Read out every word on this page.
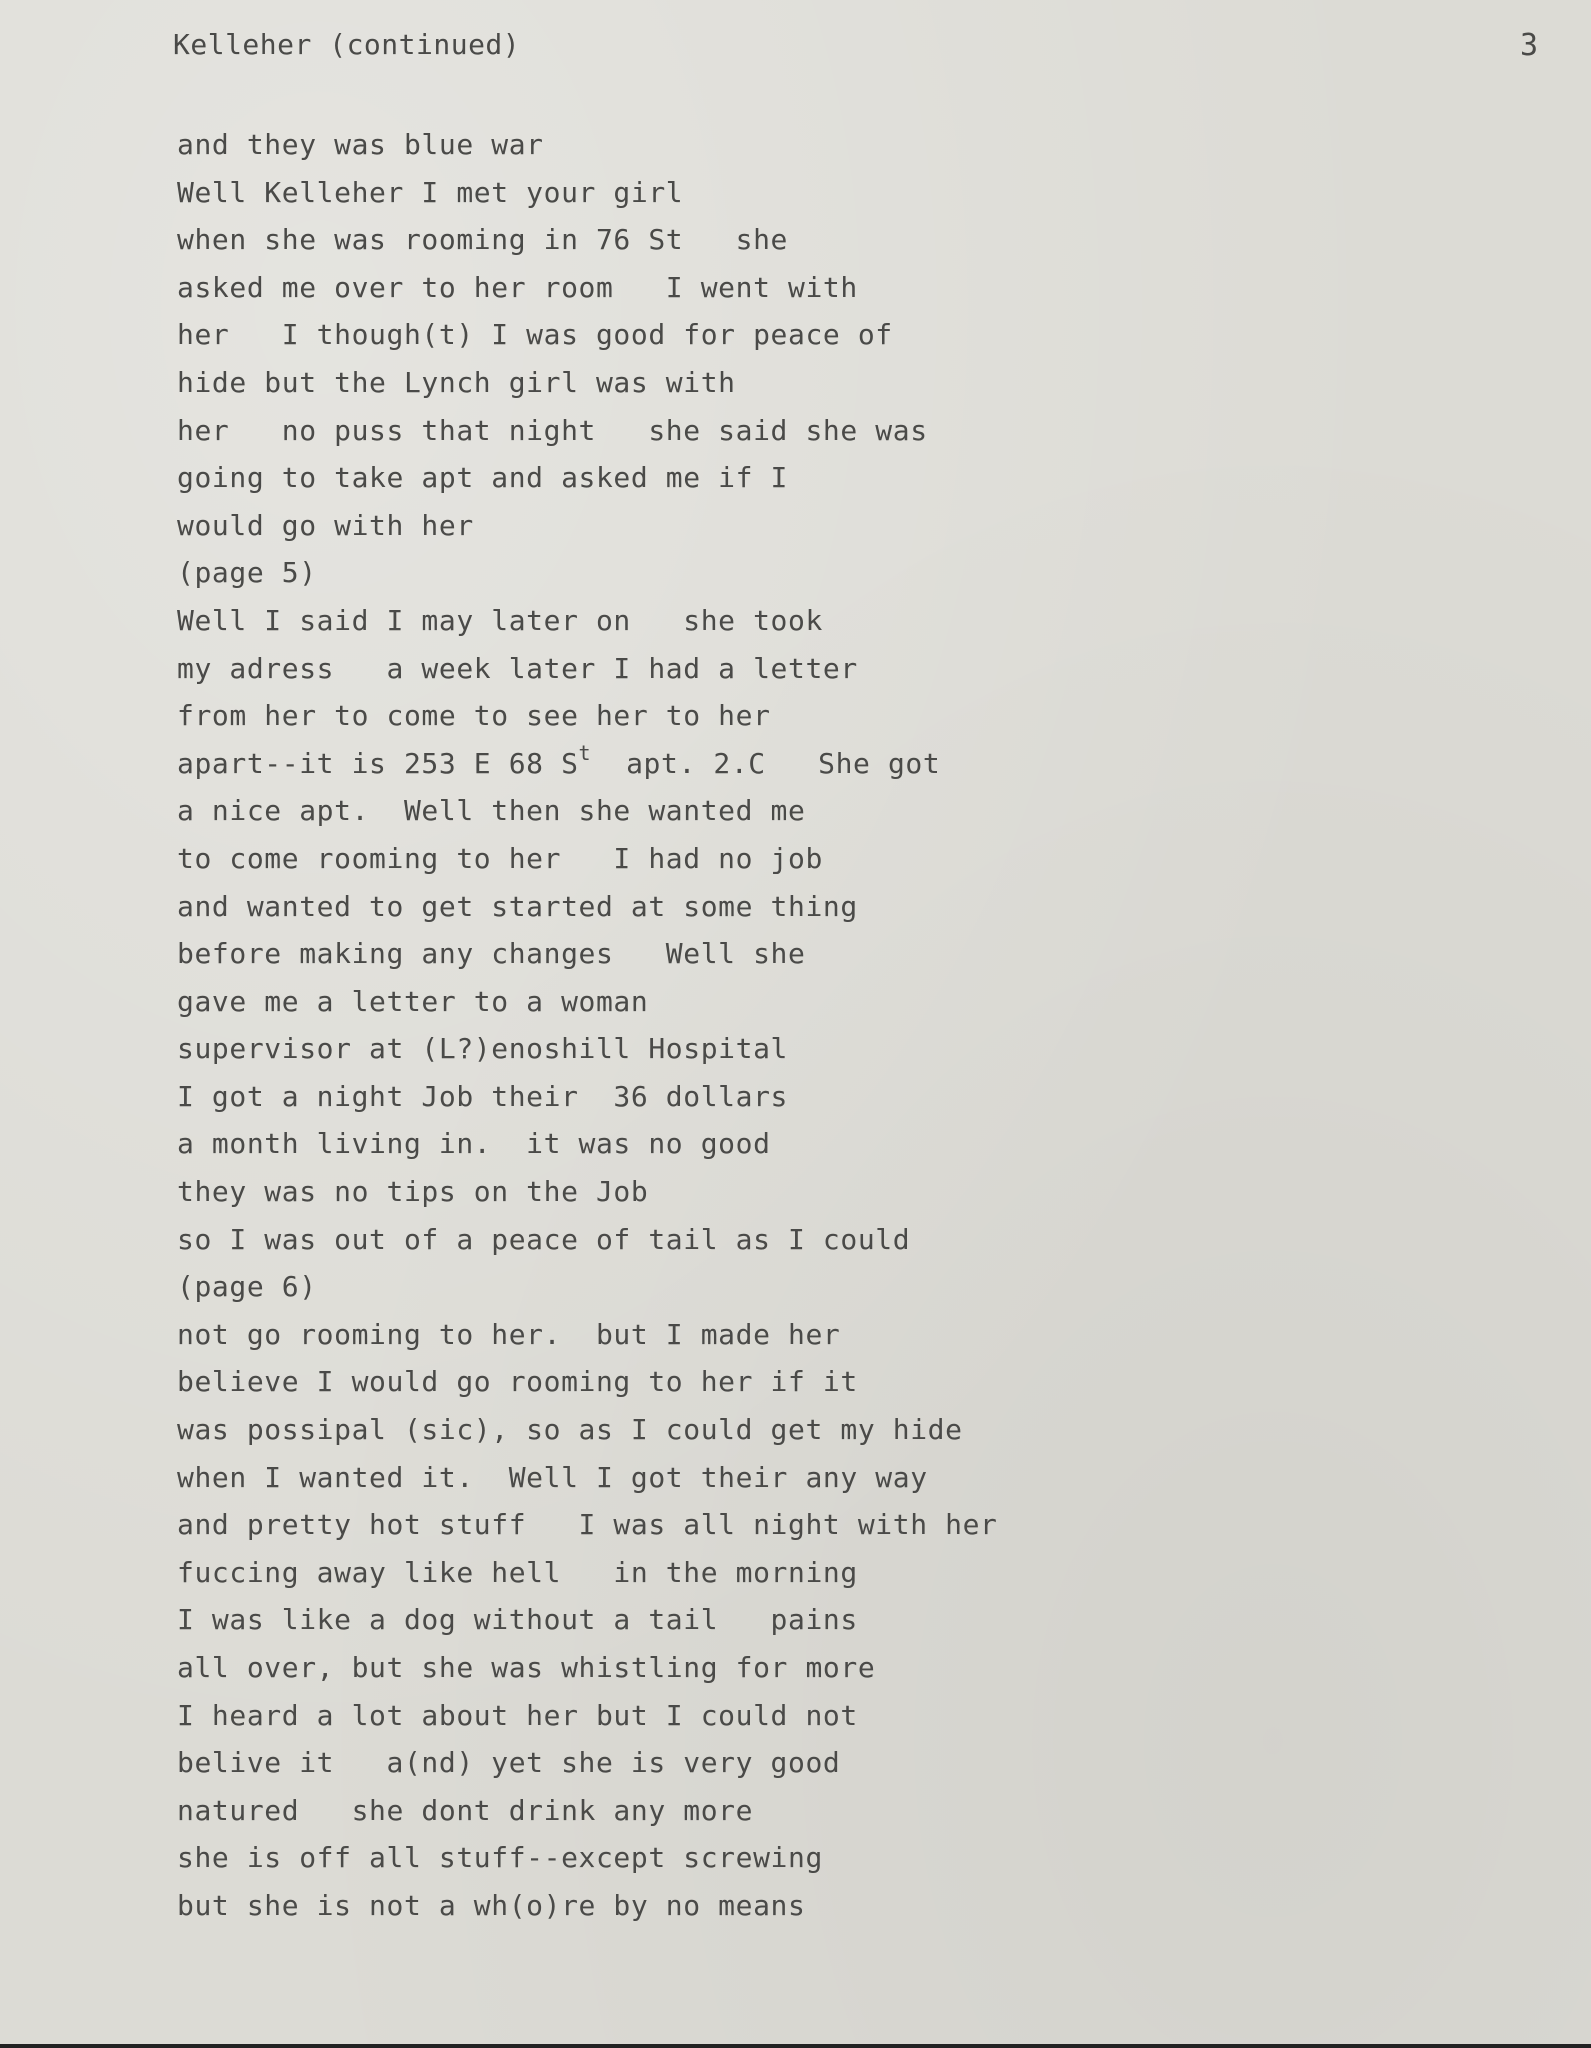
Kelleher (continued)	3
and they was blue war
Well Kelleher I met your girl
when she was rooming in 76 St   she
asked me over to her room   I went with
her   I though(t) I was good for peace of
hide but the Lynch girl was with
her   no puss that night   she said she was
going to take apt and asked me if I
would go with her
(page 5)
Well I said I may later on   she took
my adress   a week later I had a letter
from her to come to see her to her
apart--it is 253 E 68 $S^t$  apt. 2.C   She got
a nice apt.  Well then she wanted me
to come rooming to her   I had no job
and wanted to get started at some thing
before making any changes   Well she
gave me a letter to a woman
supervisor at (L?)enoshill Hospital
I got a night Job their  36 dollars
a month living in.  it was no good
they was no tips on the Job
so I was out of a peace of tail as I could
(page 6)
not go rooming to her.  but I made her
believe I would go rooming to her if it
was possipal (sic), so as I could get my hide
when I wanted it.  Well I got their any way
and pretty hot stuff   I was all night with her
fuccing away like hell   in the morning
I was like a dog without a tail   pains
all over, but she was whistling for more
I heard a lot about her but I could not
belive it   a(nd) yet she is very good
natured   she dont drink any more
she is off all stuff--except screwing
but she is not a wh(o)re by no means
